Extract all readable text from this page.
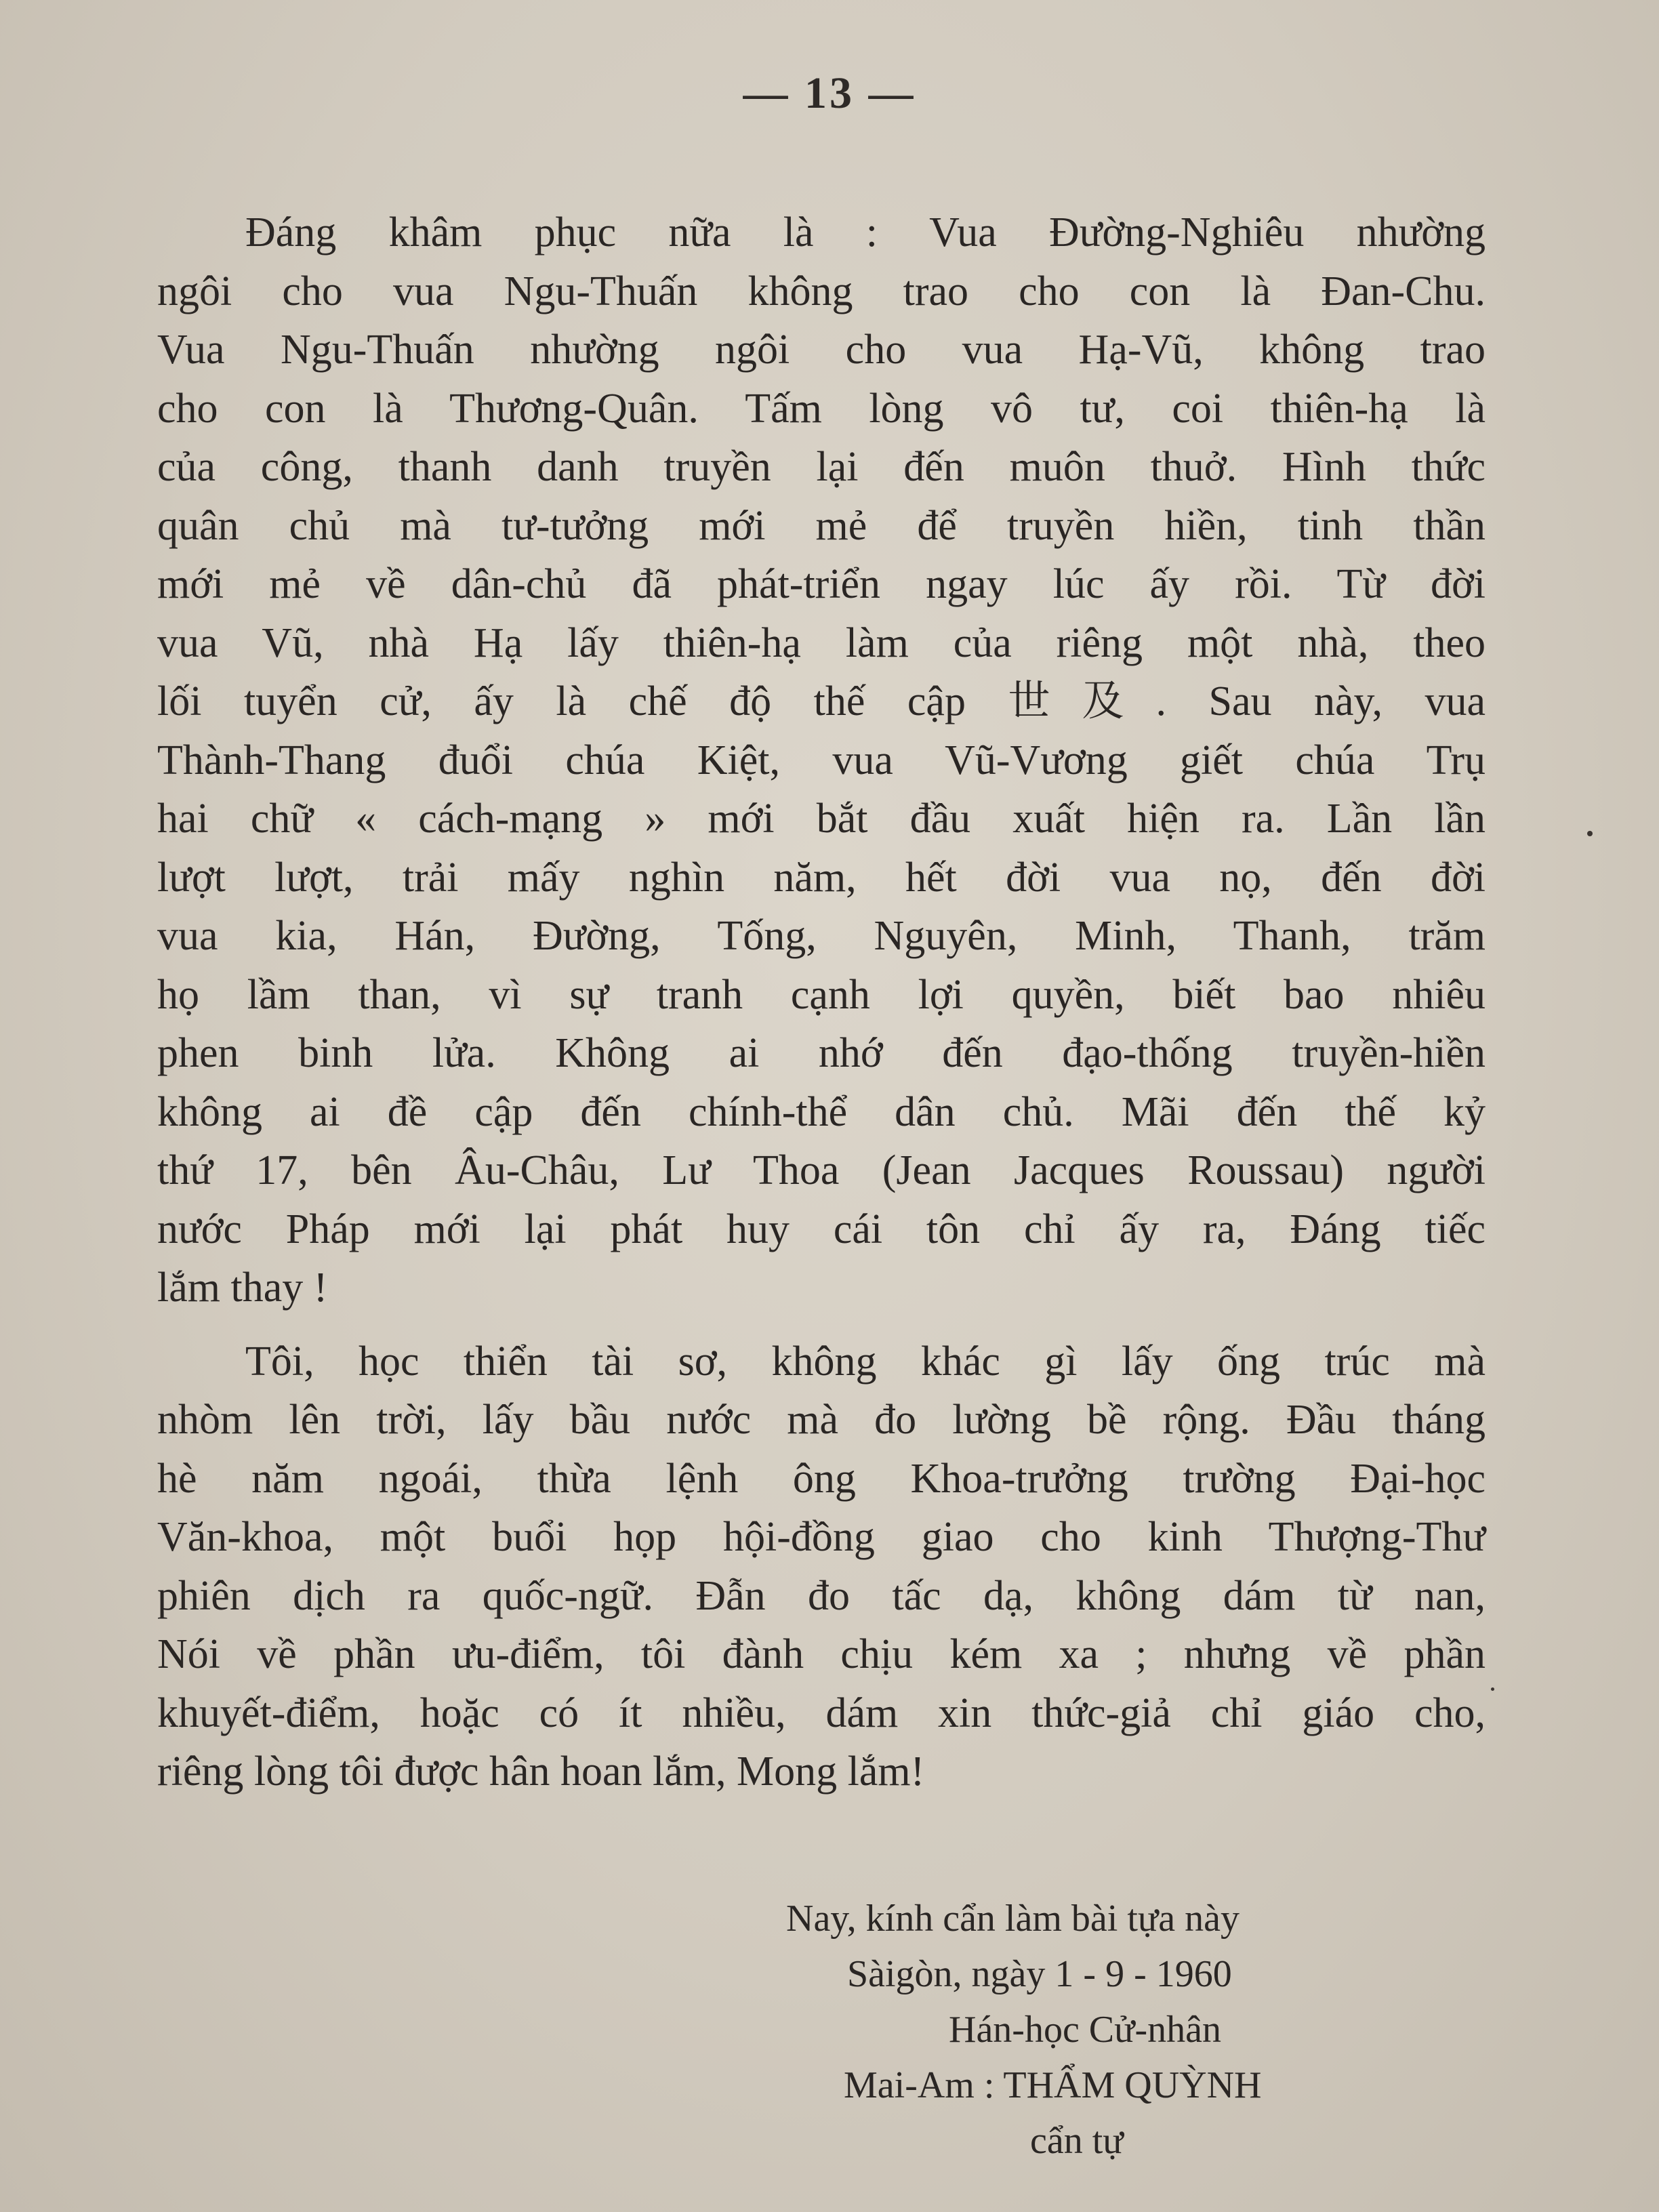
— 13 —
Đáng khâm phục nữa là : Vua Đường-Nghiêu nhường
ngôi cho vua Ngu-Thuấn không trao cho con là Đan-Chu.
Vua Ngu-Thuấn nhường ngôi cho vua Hạ-Vũ, không trao
cho con là Thương-Quân. Tấm lòng vô tư, coi thiên-hạ là
của công, thanh danh truyền lại đến muôn thuở. Hình thức
quân chủ mà tư-tưởng mới mẻ để truyền hiền, tinh thần
mới mẻ về dân-chủ đã phát-triển ngay lúc ấy rồi. Từ đời
vua Vũ, nhà Hạ lấy thiên-hạ làm của riêng một nhà, theo
lối tuyển cử, ấy là chế độ thế cập 世及. Sau này, vua
Thành-Thang đuổi chúa Kiệt, vua Vũ-Vương giết chúa Trụ
hai chữ « cách-mạng » mới bắt đầu xuất hiện ra. Lần lần
lượt lượt, trải mấy nghìn năm, hết đời vua nọ, đến đời
vua kia, Hán, Đường, Tống, Nguyên, Minh, Thanh, trăm
họ lầm than, vì sự tranh cạnh lợi quyền, biết bao nhiêu
phen binh lửa. Không ai nhớ đến đạo-thống truyền-hiền
không ai đề cập đến chính-thể dân chủ. Mãi đến thế kỷ
thứ 17, bên Âu-Châu, Lư Thoa (Jean Jacques Roussau) người
nước Pháp mới lại phát huy cái tôn chỉ ấy ra, Đáng tiếc
lắm thay !
Tôi, học thiển tài sơ, không khác gì lấy ống trúc mà
nhòm lên trời, lấy bầu nước mà đo lường bề rộng. Đầu tháng
hè năm ngoái, thừa lệnh ông Khoa-trưởng trường Đại-học
Văn-khoa, một buổi họp hội-đồng giao cho kinh Thượng-Thư
phiên dịch ra quốc-ngữ. Đẫn đo tấc dạ, không dám từ nan,
Nói về phần ưu-điểm, tôi đành chịu kém xa ; nhưng về phần
khuyết-điểm, hoặc có ít nhiều, dám xin thức-giả chỉ giáo cho,
riêng lòng tôi được hân hoan lắm, Mong lắm!
Nay, kính cẩn làm bài tựa này
Sàigòn, ngày 1 - 9 - 1960
Hán-học Cử-nhân
Mai-Am : THẨM QUỲNH
cẩn tự
